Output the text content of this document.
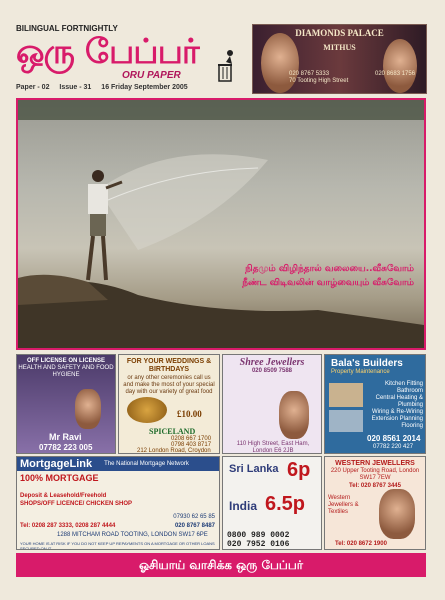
BILINGUAL FORTNIGHTLY
ஒரு பேப்பர்
ORU PAPER
Paper - 02 Issue - 31 16 Friday September 2005
DIAMONDS PALACE
MITHUS
020 8767 5333
70 Tooting High Street
020 8683 1756
நிதமும் விழிந்தால் வலையை..வீசுவோம்
நீண்ட விடிவலின் வாழ்வையும் வீசுவோம்
OFF LICENSE ON LICENSE
HEALTH AND SAFETY AND FOOD HYGIENE
Mr Ravi
07782 223 005
FOR YOUR WEDDINGS & BIRTHDAYS
or any other ceremonies call us and make the most of your special day with our variety of great food
£10.00
SPICELAND
0208 667 1700
0798 403 8717
212 London Road, Croydon
Shree Jewellers
020 8509 7588
110 High Street, East Ham, London E6 2JB
Bala's Builders
Property Maintenance
Kitchen Fitting
Bathroom
Central Heating & Plumbing
Wiring & Re-Wiring
Extension Planning
Flooring
020 8561 2014
07782 220 427
MortgageLink The National Mortgage Network
100% MORTGAGE
Deposit & Leasehold/Freehold
SHOPS/OFF LICENCE/ CHICKEN SHOP
07930 62 65 85
Tel: 0208 287 3333, 0208 287 4444	020 8767 8487
1288 MITCHAM ROAD TOOTING, LONDON SW17 6PE
YOUR HOME IS AT RISK IF YOU DO NOT KEEP UP REPAYMENTS ON A MORTGAGE OR OTHER LOANS SECURED ON IT
Sri Lanka 6p
India 6.5p
0800 989 0002
020 7952 0106
WESTERN JEWELLERS
220 Upper Tooting Road, London SW17 7EW
Tel: 020 8767 3445
Western Jewellers & Textiles
Tel: 020 8672 1900
ஓசியாய் வாசிக்க ஒரு பேப்பர்
